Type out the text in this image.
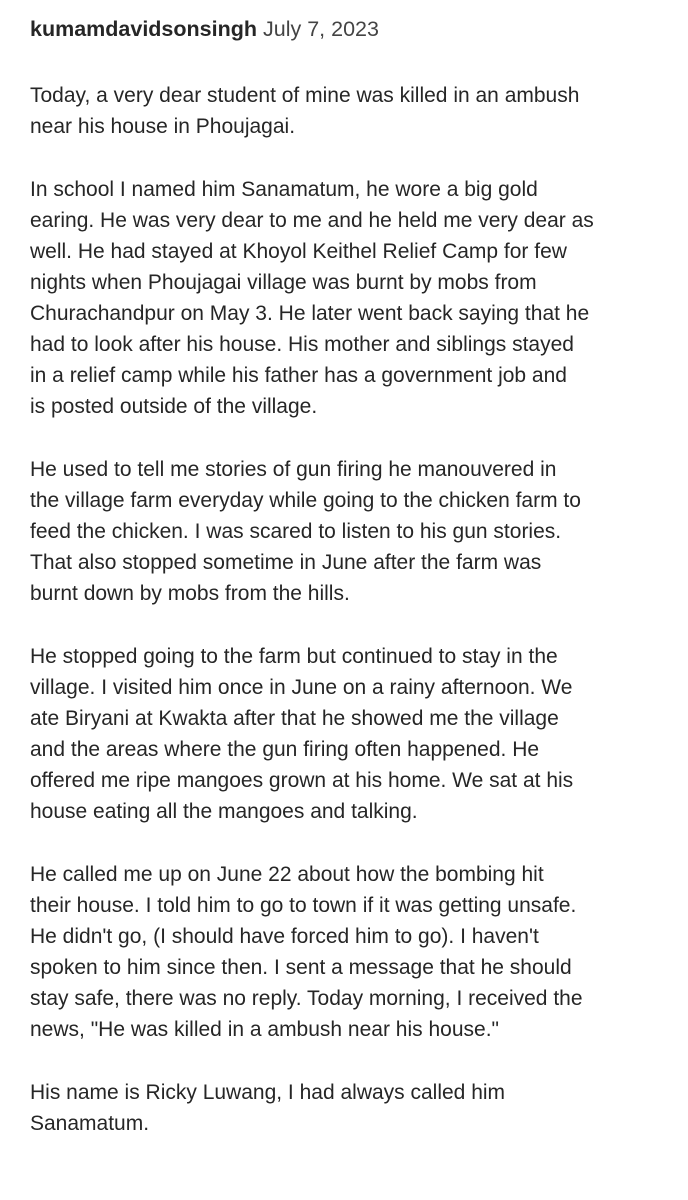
kumamdavidsonsingh July 7, 2023

Today, a very dear student of mine was killed in an ambush
near his house in Phoujagai.

In school I named him Sanamatum, he wore a big gold
earing. He was very dear to me and he held me very dear as
well. He had stayed at Khoyol Keithel Relief Camp for few
nights when Phoujagai village was burnt by mobs from
Churachandpur on May 3. He later went back saying that he
had to look after his house. His mother and siblings stayed
in a relief camp while his father has a government job and
is posted outside of the village.

He used to tell me stories of gun firing he manouvered in
the village farm everyday while going to the chicken farm to
feed the chicken. I was scared to listen to his gun stories.
That also stopped sometime in June after the farm was
burnt down by mobs from the hills.

He stopped going to the farm but continued to stay in the
village. I visited him once in June on a rainy afternoon. We
ate Biryani at Kwakta after that he showed me the village
and the areas where the gun firing often happened. He
offered me ripe mangoes grown at his home. We sat at his
house eating all the mangoes and talking.

He called me up on June 22 about how the bombing hit
their house. I told him to go to town if it was getting unsafe.
He didn't go, (I should have forced him to go). I haven't
spoken to him since then. I sent a message that he should
stay safe, there was no reply. Today morning, I received the
news, "He was killed in a ambush near his house."

His name is Ricky Luwang, I had always called him
Sanamatum.
